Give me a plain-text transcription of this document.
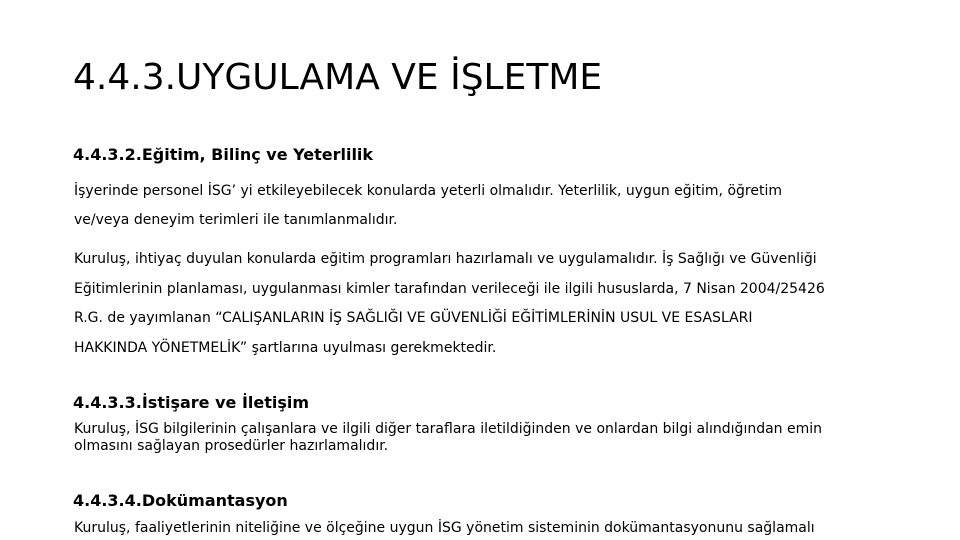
4.4.3.UYGULAMA VE İŞLETME
4.4.3.2.Eğitim, Bilinç ve Yeterlilik
İşyerinde personel İSG’ yi etkileyebilecek konularda yeterli olmalıdır. Yeterlilik, uygun eğitim, öğretim
ve/veya deneyim terimleri ile tanımlanmalıdır.
Kuruluş, ihtiyaç duyulan konularda eğitim programları hazırlamalı ve uygulamalıdır. İş Sağlığı ve Güvenliği
Eğitimlerinin planlaması, uygulanması kimler tarafından verileceği ile ilgili hususlarda, 7 Nisan 2004/25426
R.G. de yayımlanan “CALIŞANLARIN İŞ SAĞLIĞI VE GÜVENLİĞİ EĞİTİMLERİNİN USUL VE ESASLARI
HAKKINDA YÖNETMELİK” şartlarına uyulması gerekmektedir.
4.4.3.3.İstişare ve İletişim
Kuruluş, İSG bilgilerinin çalışanlara ve ilgili diğer taraflara iletildiğinden ve onlardan bilgi alındığından emin
olmasını sağlayan prosedürler hazırlamalıdır.
4.4.3.4.Dokümantasyon
Kuruluş, faaliyetlerinin niteliğine ve ölçeğine uygun İSG yönetim sisteminin dokümantasyonunu sağlamalı
